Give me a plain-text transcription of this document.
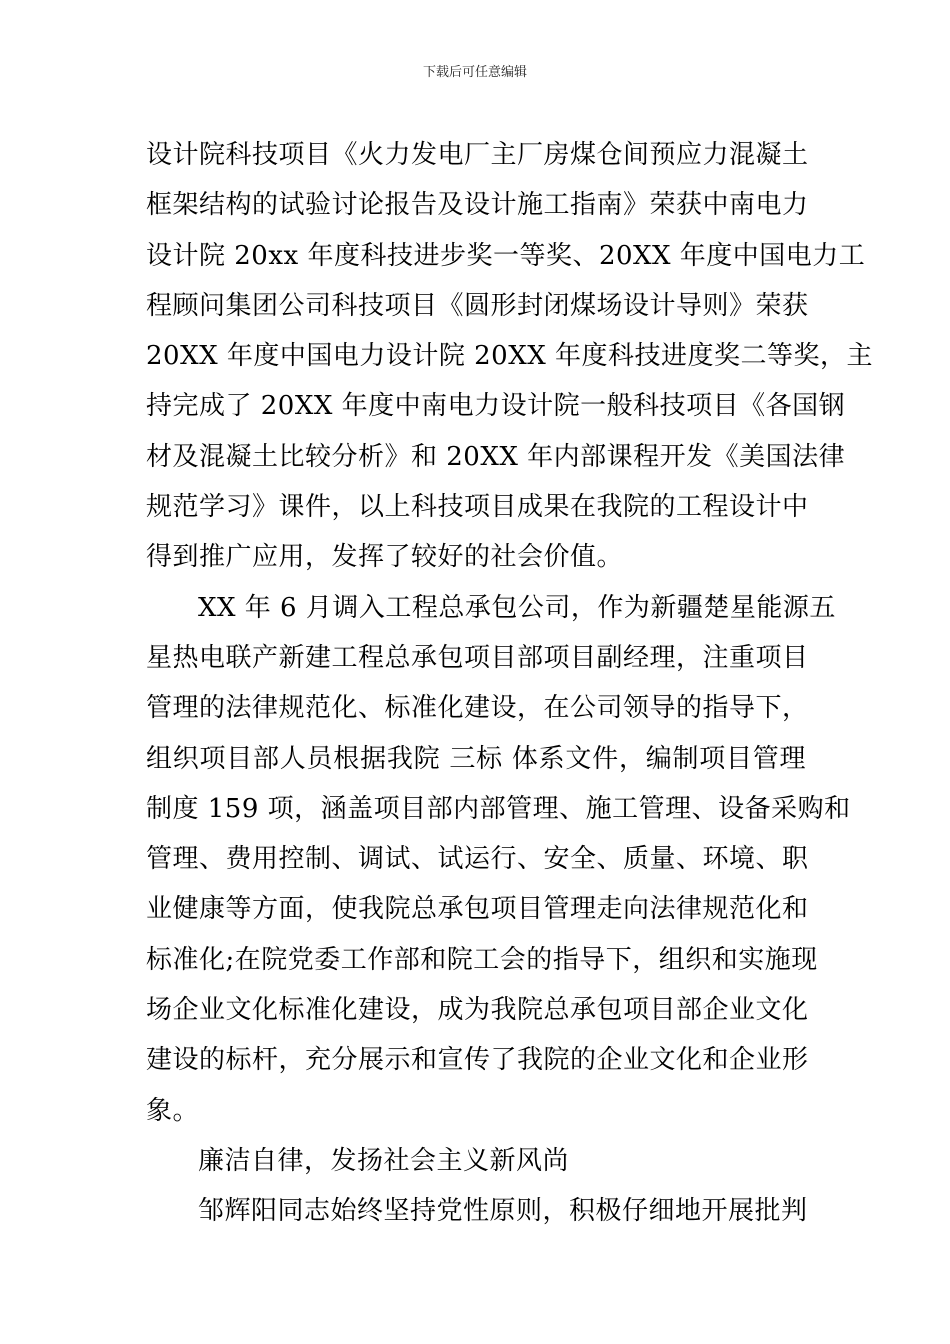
下载后可任意编辑
设计院科技项目《火力发电厂主厂房煤仓间预应力混凝土
框架结构的试验讨论报告及设计施工指南》荣获中南电力
设计院 20xx 年度科技进步奖一等奖、20XX 年度中国电力工
程顾问集团公司科技项目《圆形封闭煤场设计导则》荣获
20XX 年度中国电力设计院 20XX 年度科技进度奖二等奖，主
持完成了 20XX 年度中南电力设计院一般科技项目《各国钢
材及混凝土比较分析》和 20XX 年内部课程开发《美国法律
规范学习》课件，以上科技项目成果在我院的工程设计中
得到推广应用，发挥了较好的社会价值。
XX 年 6 月调入工程总承包公司，作为新疆楚星能源五
星热电联产新建工程总承包项目部项目副经理，注重项目
管理的法律规范化、标准化建设，在公司领导的指导下，
组织项目部人员根据我院 三标 体系文件，编制项目管理
制度 159 项，涵盖项目部内部管理、施工管理、设备采购和
管理、费用控制、调试、试运行、安全、质量、环境、职
业健康等方面，使我院总承包项目管理走向法律规范化和
标准化;在院党委工作部和院工会的指导下，组织和实施现
场企业文化标准化建设，成为我院总承包项目部企业文化
建设的标杆，充分展示和宣传了我院的企业文化和企业形
象。
廉洁自律，发扬社会主义新风尚
邹辉阳同志始终坚持党性原则，积极仔细地开展批判
